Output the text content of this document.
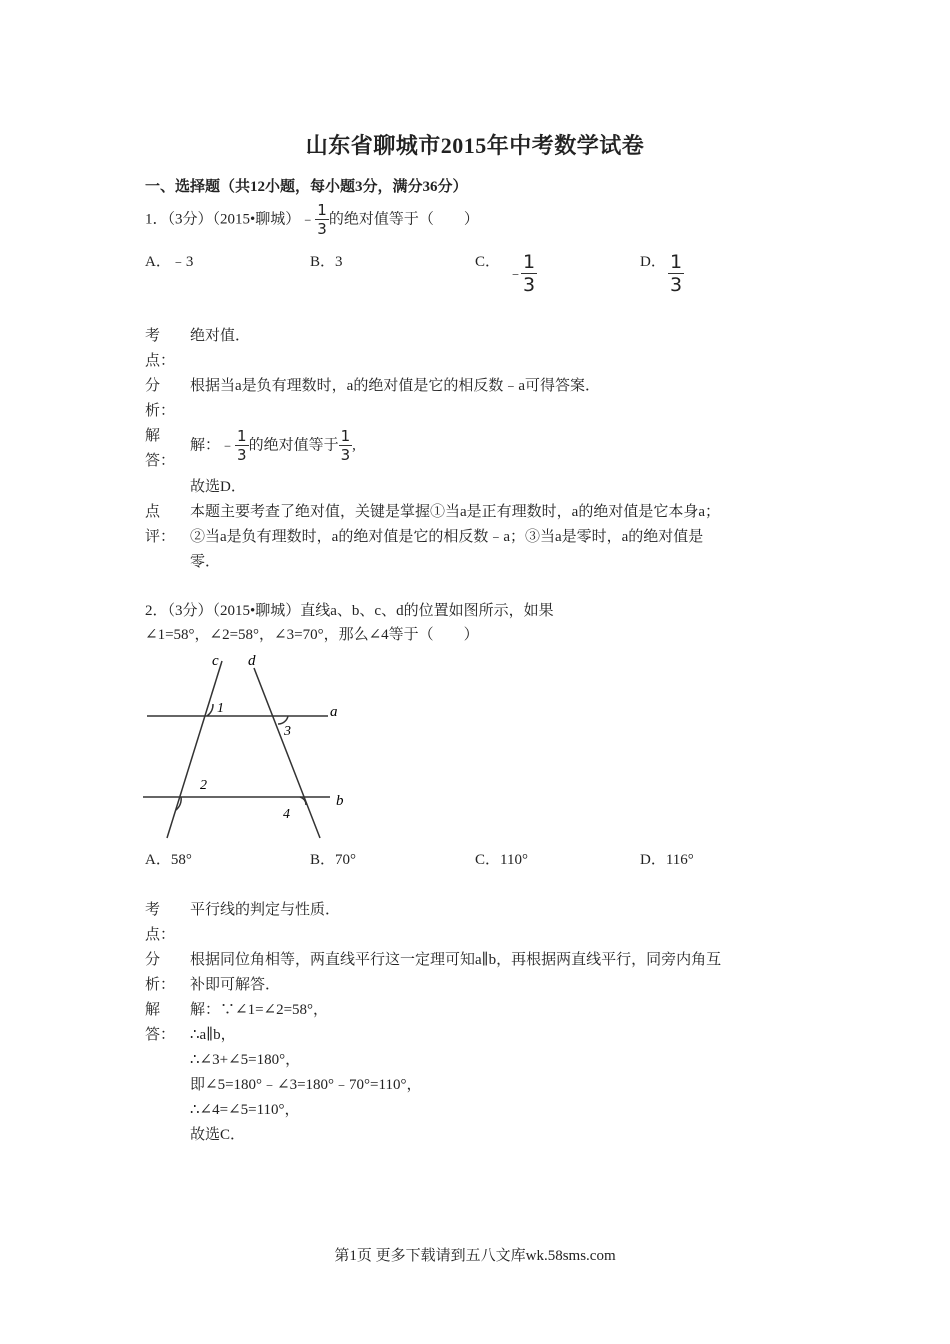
山东省聊城市2015年中考数学试卷
一、选择题（共12小题，每小题3分，满分36分）
1．（3分）（2015•聊城）﹣ $\frac{1}{3}$ 的绝对值等于（　　）
A．﹣3	B．3	C．
﹣
$\frac{1}{3}$	D． $\frac{1}{3}$
考
点：
绝对值．
分
析：
根据当a是负有理数时，a的绝对值是它的相反数﹣a可得答案．
解
答：
解：﹣ $\frac{1}{3}$ 的绝对值等于 $\frac{1}{3}$ ,
故选D．
点
评：
本题主要考查了绝对值，关键是掌握①当a是正有理数时，a的绝对值是它本身a；
②当a是负有理数时，a的绝对值是它的相反数﹣a；③当a是零时，a的绝对值是
零．
2．（3分）（2015•聊城）直线a、b、c、d的位置如图所示，如果
∠1=58°，∠2=58°，∠3=70°，那么∠4等于（　　）
c d
a
b
1
2
3
4
A．58°	B．70°	C．110°	D．116°
考
点：
平行线的判定与性质．
分
析：
根据同位角相等，两直线平行这一定理可知a∥b，再根据两直线平行，同旁内角互
补即可解答．
解
答：
解：∵∠1=∠2=58°，
∴a∥b，
∴∠3+∠5=180°，
即∠5=180°﹣∠3=180°﹣70°=110°，
∴∠4=∠5=110°，
故选C．
第1页 更多下载请到五八文库wk.58sms.com
